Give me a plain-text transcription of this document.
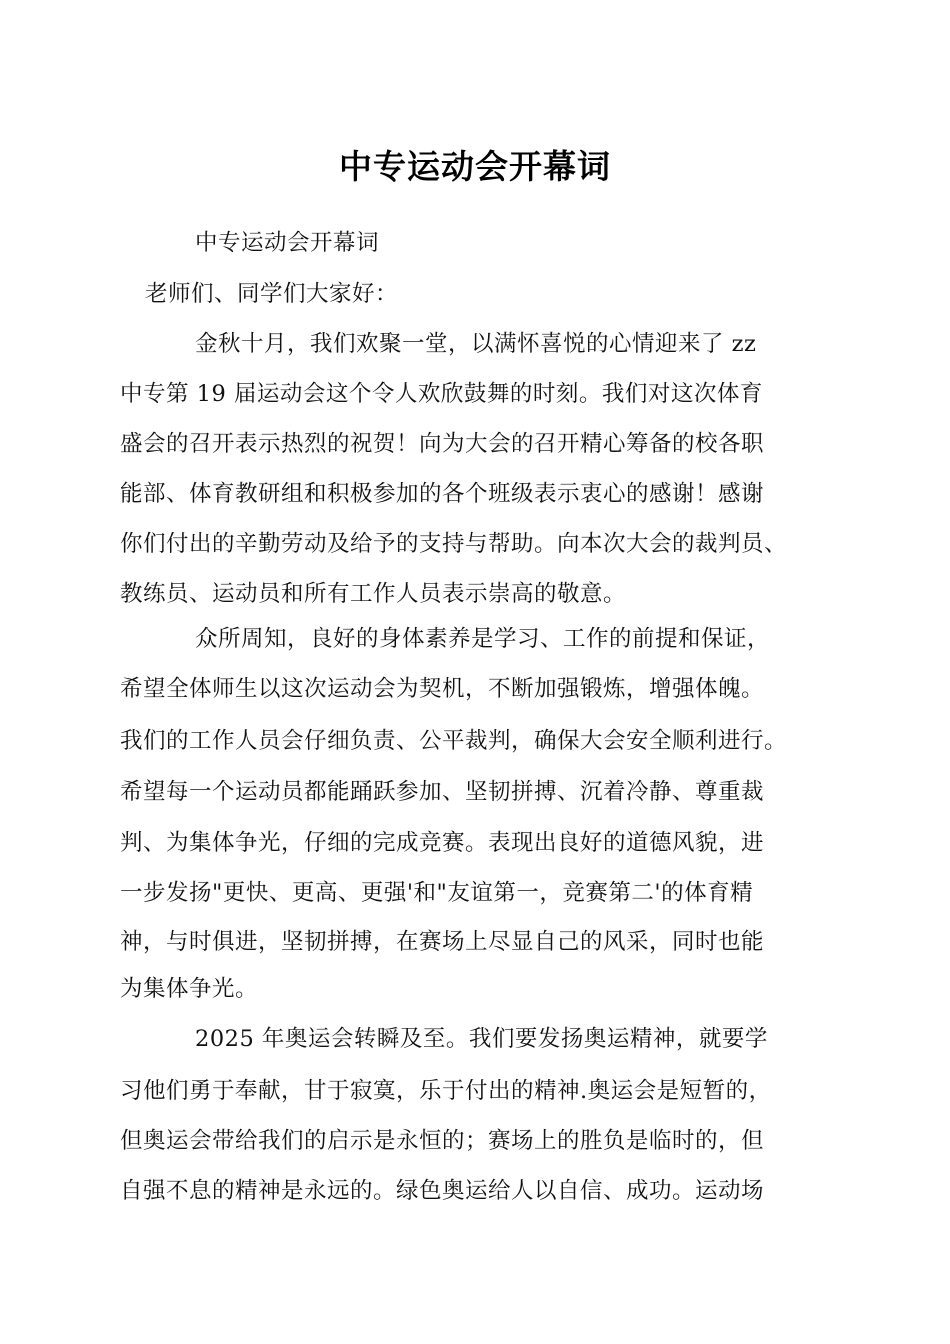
中专运动会开幕词
中专运动会开幕词
老师们、同学们大家好：
金秋十月，我们欢聚一堂，以满怀喜悦的心情迎来了 zz
中专第 19 届运动会这个令人欢欣鼓舞的时刻。我们对这次体育
盛会的召开表示热烈的祝贺！向为大会的召开精心筹备的校各职
能部、体育教研组和积极参加的各个班级表示衷心的感谢！感谢
你们付出的辛勤劳动及给予的支持与帮助。向本次大会的裁判员、
教练员、运动员和所有工作人员表示崇高的敬意。
众所周知，良好的身体素养是学习、工作的前提和保证，
希望全体师生以这次运动会为契机，不断加强锻炼，增强体魄。
我们的工作人员会仔细负责、公平裁判，确保大会安全顺利进行。
希望每一个运动员都能踊跃参加、坚韧拼搏、沉着冷静、尊重裁
判、为集体争光，仔细的完成竞赛。表现出良好的道德风貌，进
一步发扬"更快、更高、更强'和"友谊第一，竞赛第二'的体育精
神，与时俱进，坚韧拼搏，在赛场上尽显自己的风采，同时也能
为集体争光。
2025 年奥运会转瞬及至。我们要发扬奥运精神，就要学
习他们勇于奉献，甘于寂寞，乐于付出的精神.奥运会是短暂的，
但奥运会带给我们的启示是永恒的；赛场上的胜负是临时的，但
自强不息的精神是永远的。绿色奥运给人以自信、成功。运动场
